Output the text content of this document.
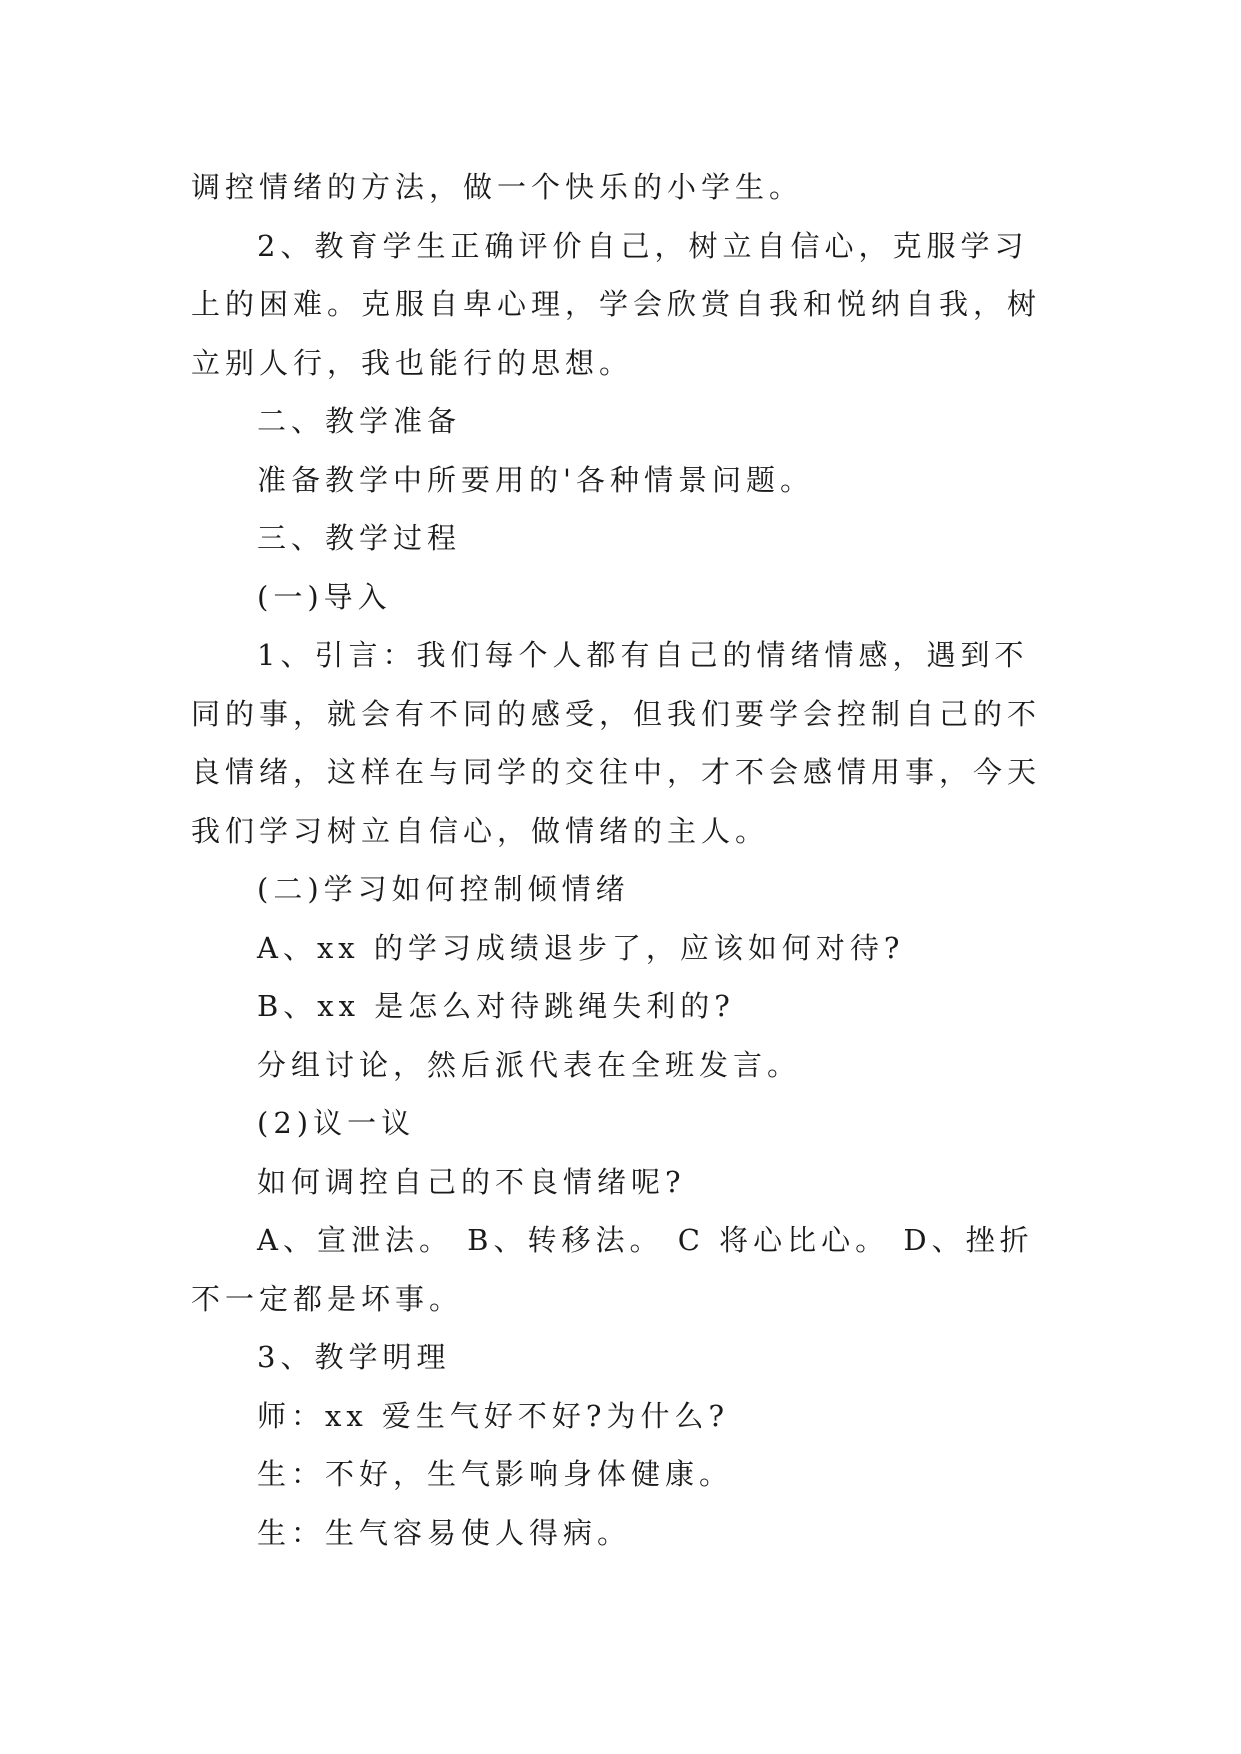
调控情绪的方法，做一个快乐的小学生。

2、教育学生正确评价自己，树立自信心，克服学习上的困难。克服自卑心理，学会欣赏自我和悦纳自我，树立别人行，我也能行的思想。

二、教学准备

准备教学中所要用的'各种情景问题。

三、教学过程

(一)导入

1、引言：我们每个人都有自己的情绪情感，遇到不同的事，就会有不同的感受，但我们要学会控制自己的不良情绪，这样在与同学的交往中，才不会感情用事，今天我们学习树立自信心，做情绪的主人。

(二)学习如何控制倾情绪

A、xx 的学习成绩退步了，应该如何对待?

B、xx 是怎么对待跳绳失利的?

分组讨论，然后派代表在全班发言。

(2)议一议

如何调控自己的不良情绪呢?

A、宣泄法。 B、转移法。 C 将心比心。 D、挫折不一定都是坏事。

3、教学明理

师：xx 爱生气好不好?为什么?

生：不好，生气影响身体健康。

生：生气容易使人得病。
